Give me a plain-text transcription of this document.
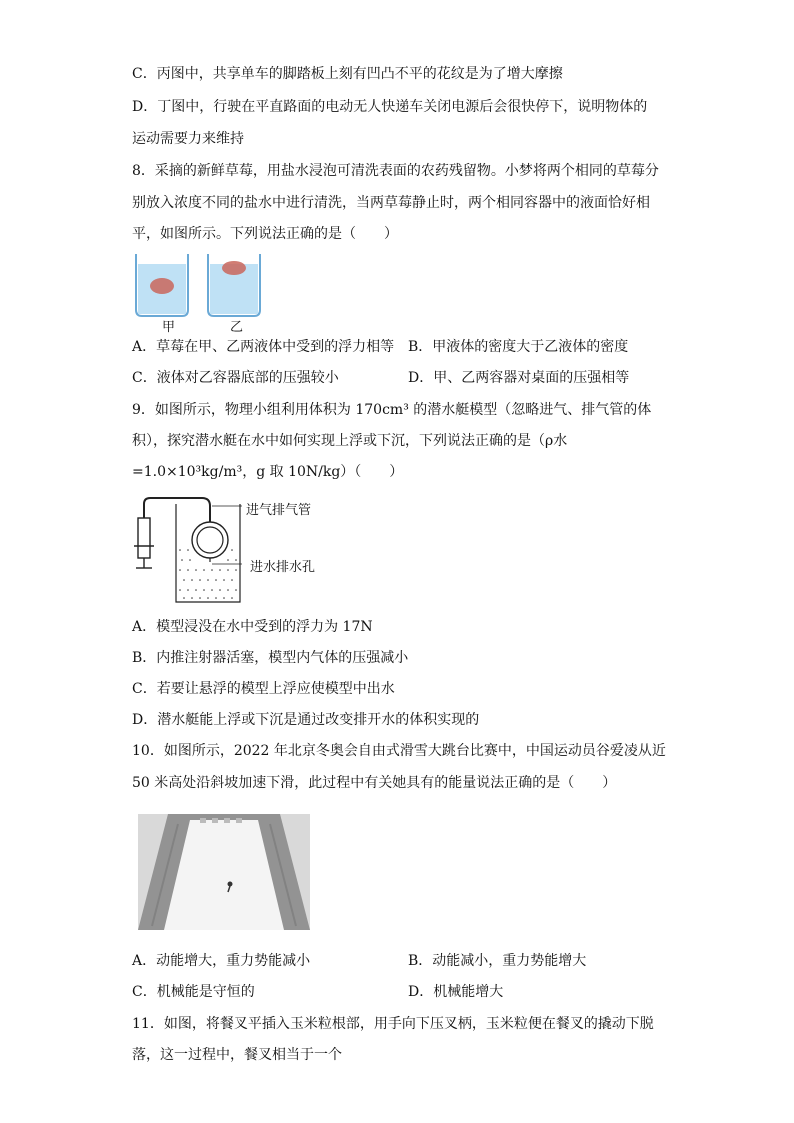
C．丙图中，共享单车的脚踏板上刻有凹凸不平的花纹是为了增大摩擦
D．丁图中，行驶在平直路面的电动无人快递车关闭电源后会很快停下，说明物体的
运动需要力来维持
8．采摘的新鲜草莓，用盐水浸泡可清洗表面的农药残留物。小梦将两个相同的草莓分
别放入浓度不同的盐水中进行清洗，当两草莓静止时，两个相同容器中的液面恰好相
平，如图所示。下列说法正确的是（　　）
甲	乙
A．草莓在甲、乙两液体中受到的浮力相等 B．甲液体的密度大于乙液体的密度
C．液体对乙容器底部的压强较小	D．甲、乙两容器对桌面的压强相等
9．如图所示，物理小组利用体积为 170cm³ 的潜水艇模型（忽略进气、排气管的体
积），探究潜水艇在水中如何实现上浮或下沉，下列说法正确的是（ρ水
=1.0×10³kg/m³，g 取 10N/kg）（　　）
进气排气管
进水排水孔
A．模型浸没在水中受到的浮力为 17N
B．内推注射器活塞，模型内气体的压强减小
C．若要让悬浮的模型上浮应使模型中出水
D．潜水艇能上浮或下沉是通过改变排开水的体积实现的
10．如图所示，2022 年北京冬奥会自由式滑雪大跳台比赛中，中国运动员谷爱凌从近
50 米高处沿斜坡加速下滑，此过程中有关她具有的能量说法正确的是（　　）
A．动能增大，重力势能减小	B．动能减小，重力势能增大
C．机械能是守恒的	D．机械能增大
11．如图，将餐叉平插入玉米粒根部，用手向下压叉柄，玉米粒便在餐叉的撬动下脱
落，这一过程中，餐叉相当于一个
